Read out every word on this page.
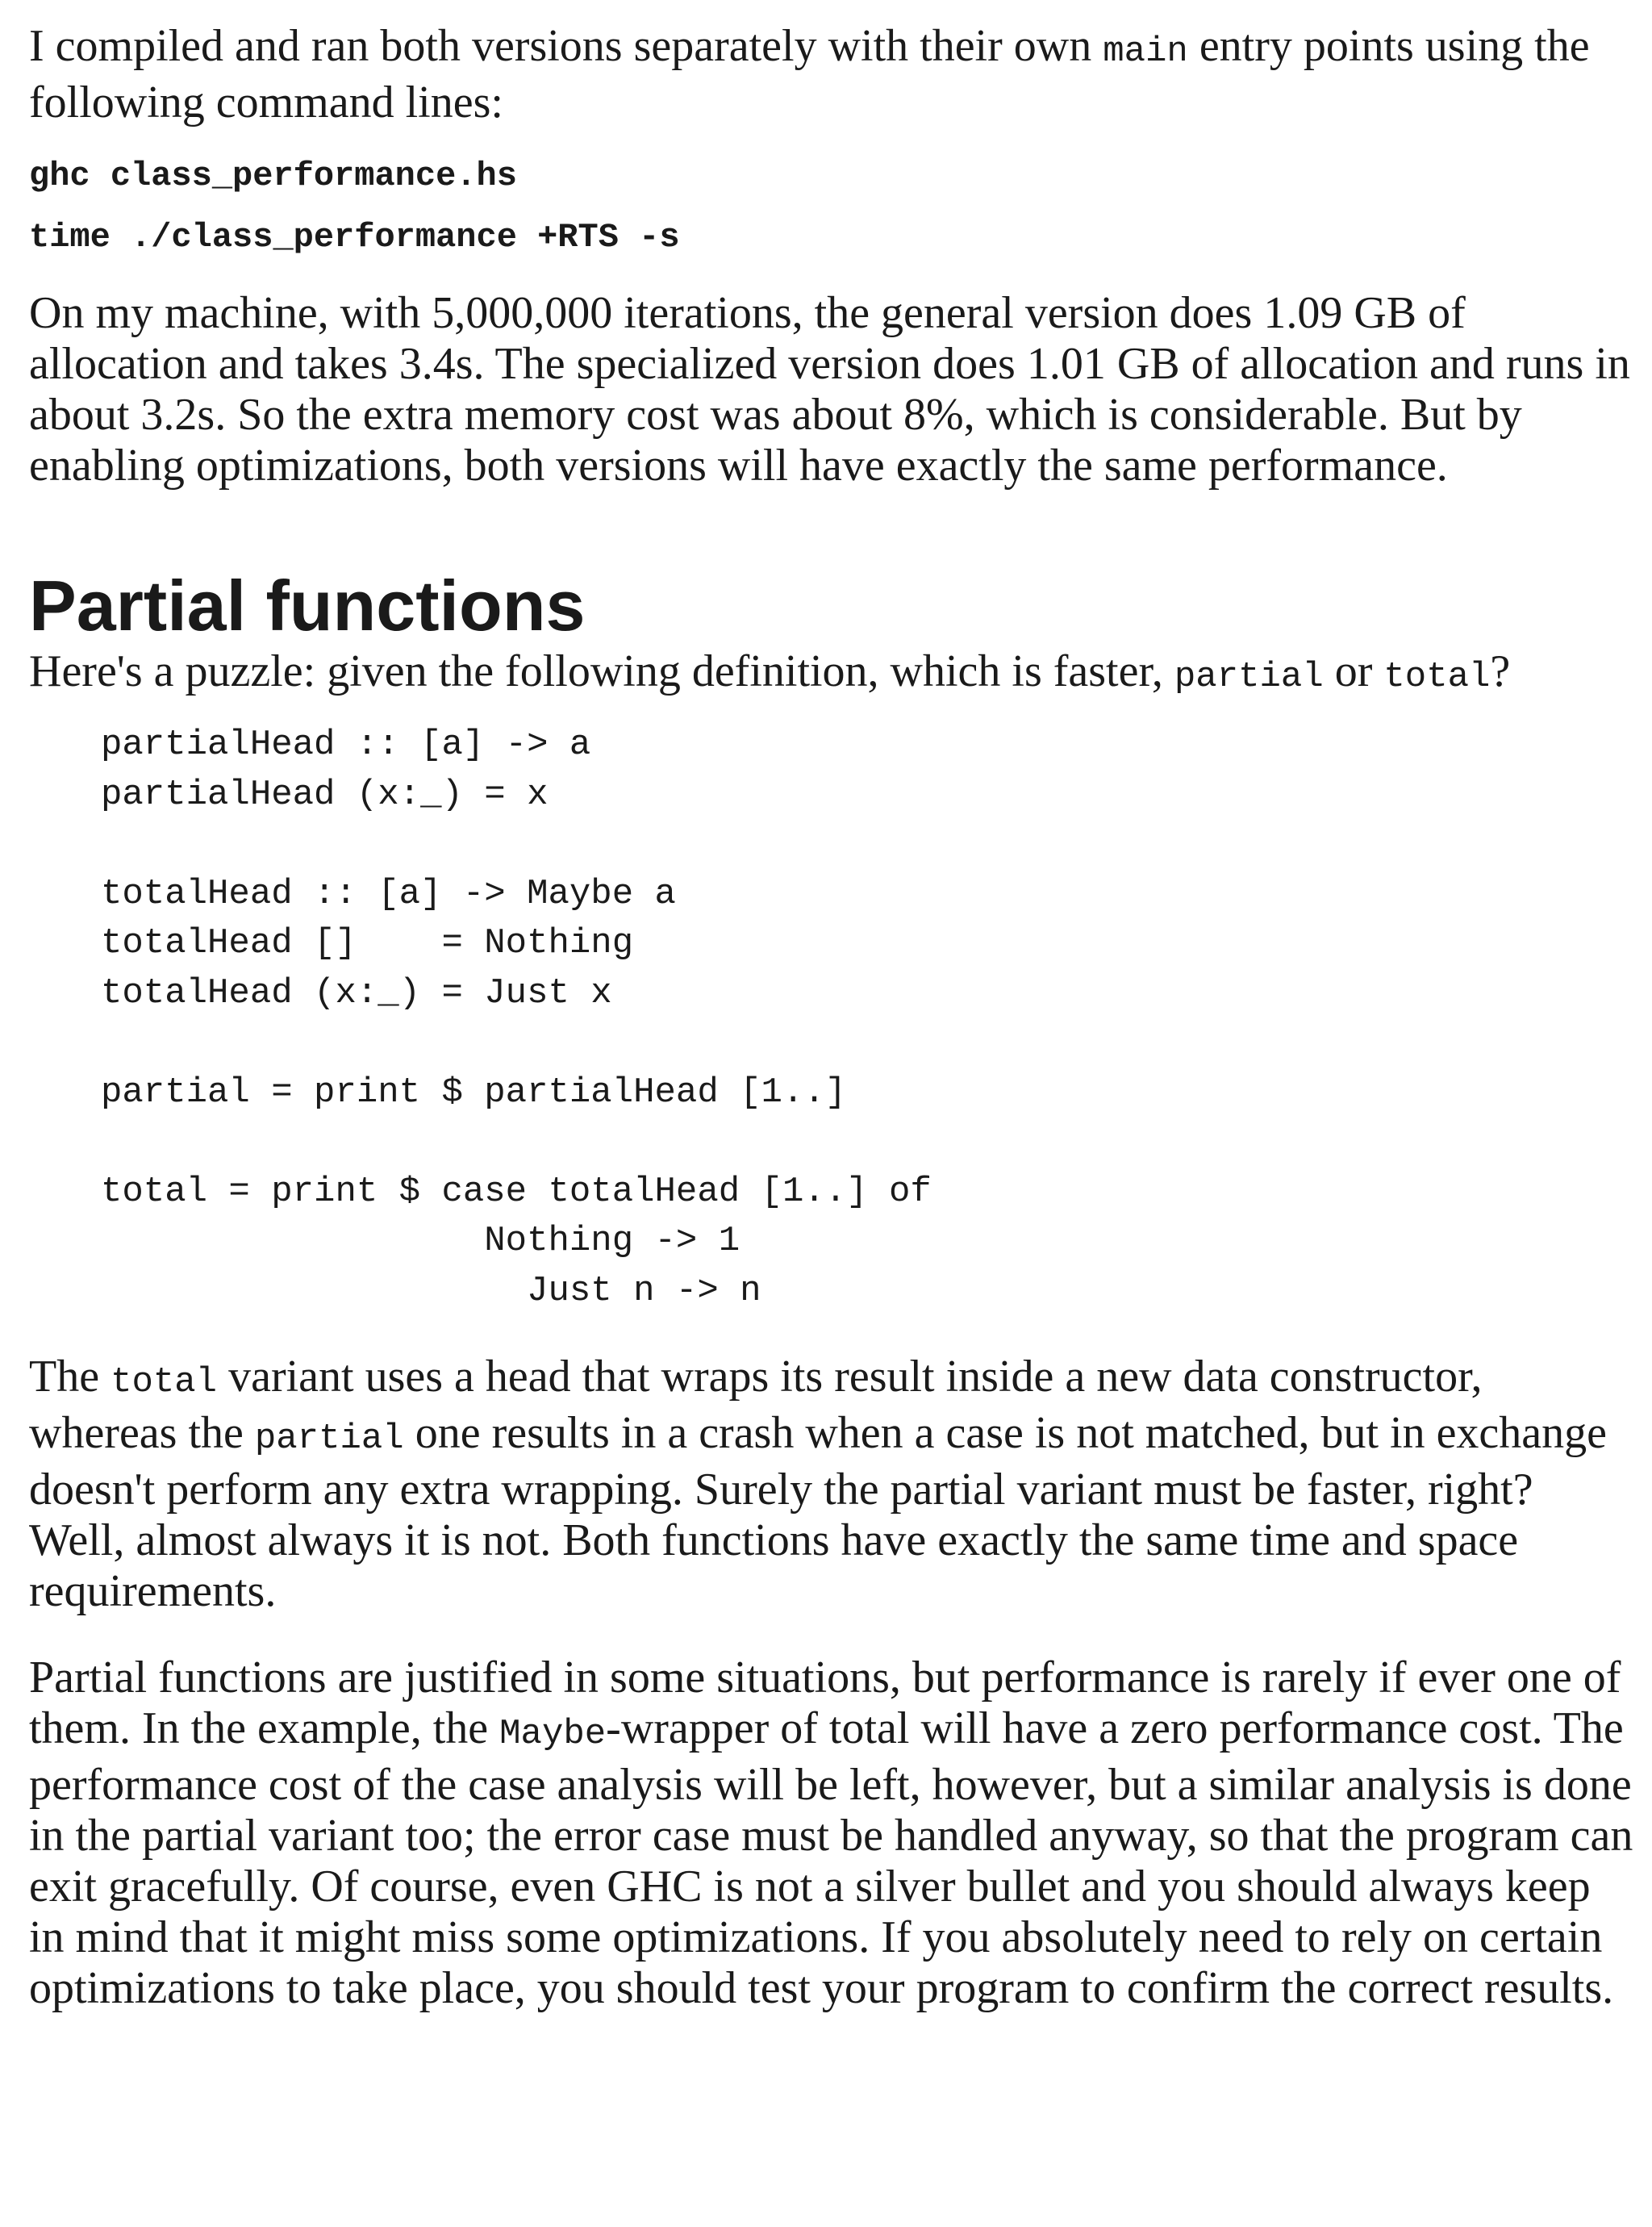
I compiled and ran both versions separately with their own main entry points using the following command lines:

ghc class_performance.hs

time ./class_performance +RTS -s

On my machine, with 5,000,000 iterations, the general version does 1.09 GB of allocation and takes 3.4s. The specialized version does 1.01 GB of allocation and runs in about 3.2s. So the extra memory cost was about 8%, which is considerable. But by enabling optimizations, both versions will have exactly the same performance.

Partial functions

Here's a puzzle: given the following definition, which is faster, partial or total?

partialHead :: [a] -> a
partialHead (x:_) = x
totalHead :: [a] -> Maybe a
totalHead []    = Nothing
totalHead (x:_) = Just x
partial = print $ partialHead [1..]
total = print $ case totalHead [1..] of
Nothing -> 1
Just n -> n

The total variant uses a head that wraps its result inside a new data constructor, whereas the partial one results in a crash when a case is not matched, but in exchange doesn't perform any extra wrapping. Surely the partial variant must be faster, right? Well, almost always it is not. Both functions have exactly the same time and space requirements.

Partial functions are justified in some situations, but performance is rarely if ever one of them. In the example, the Maybe-wrapper of total will have a zero performance cost. The performance cost of the case analysis will be left, however, but a similar analysis is done in the partial variant too; the error case must be handled anyway, so that the program can exit gracefully. Of course, even GHC is not a silver bullet and you should always keep in mind that it might miss some optimizations. If you absolutely need to rely on certain optimizations to take place, you should test your program to confirm the correct results.
